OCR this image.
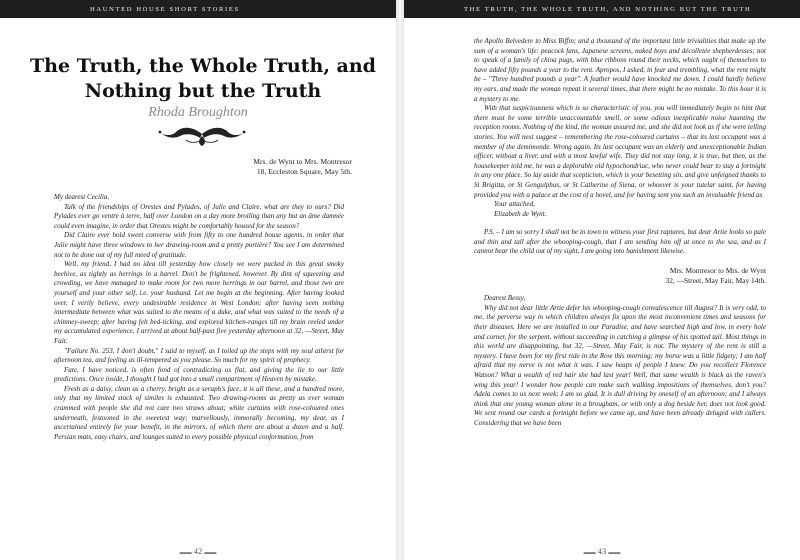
HAUNTED HOUSE SHORT STORIES
The Truth, the Whole Truth, and
Nothing but the Truth
Rhoda Broughton
Mrs. de Wynt to Mrs. Montresor
18, Eccleston Square, May 5th.

My dearest Cecilia,

Talk of the friendships of Orestes and Pylades, of Julie and Claire, what are they to ours? Did Pylades ever go ventre à terre, half over London on a day more broiling than any but an âme damnée could even imagine, in order that Orestes might be comfortably housed for the season?

Did Claire ever hold sweet converse with from fifty to one hundred house agents, in order that Julie might have three windows to her drawing-room and a pretty portière? You see I am determined not to be done out of my full meed of gratitude.

Well, my friend, I had no idea till yesterday how closely we were packed in this great smoky beehive, as tightly as herrings in a barrel. Don't be frightened, however. By dint of squeezing and crowding, we have managed to make room for two more herrings in our barrel, and those two are yourself and your other self, i.e. your husband. Let me begin at the beginning. After having looked over, I verily believe, every undesirable residence in West London; after having seen nothing intermediate between what was suited to the means of a duke, and what was suited to the needs of a chimney-sweep; after having felt bed-ticking, and explored kitchen-ranges till my brain reeled under my accumulated experience, I arrived at about half-past five yesterday afternoon at 32, —Street, May Fair.

"Failure No. 253, I don't doubt," I said to myself, as I toiled up the steps with my soul athirst for afternoon tea, and feeling as ill-tempered as you please. So much for my spirit of prophecy.

Fate, I have noticed, is often fond of contradicting us flat, and giving the lie to our little predictions. Once inside, I thought I had got into a small compartment of Heaven by mistake.

Fresh as a daisy, clean as a cherry, bright as a seraph's face, it is all these, and a hundred more, only that my limited stock of similes is exhausted. Two drawing-rooms as pretty as ever woman crammed with people she did not care two straws about; white curtains with rose-coloured ones underneath, festooned in the sweetest way; marvellously, immorally becoming, my dear, as I ascertained entirely for your benefit, in the mirrors, of which there are about a dozen and a half. Persian mats, easy chairs, and lounges suited to every possible physical conformation, from

▬▬ 42 ▬▬
THE TRUTH, THE WHOLE TRUTH, AND NOTHING BUT THE TRUTH

the Apollo Belvedere to Miss Biffin; and a thousand of the important little trivialities that make up the sum of a woman's life: peacock fans, Japanese screens, naked boys and décolletée shepherdesses; not to speak of a family of china pugs, with blue ribbons round their necks, which ought of themselves to have added fifty pounds a year to the rent. Apropos, I asked, in fear and trembling, what the rent might be – "Three hundred pounds a year". A feather would have knocked me down. I could hardly believe my ears, and made the woman repeat it several times, that there might be no mistake. To this hour it is a mystery to me.

With that suspiciousness which is so characteristic of you, you will immediately begin to hint that there must be some terrible unaccountable smell, or some odious inexplicable noise haunting the reception rooms. Nothing of the kind, the woman assured me, and she did not look as if she were telling stories. You will next suggest – remembering the rose-coloured curtains – that its last occupant was a member of the demimonde. Wrong again. Its last occupant was an elderly and unexceptionable Indian officer, without a liver, and with a most lawful wife. They did not stay long, it is true, but then, as the housekeeper told me, he was a deplorable old hypochondriac, who never could bear to stay a fortnight in any one place. So lay aside that scepticism, which is your besetting sin, and give unfeigned thanks to St Brigitta, or St Gengulphus, or St Catherine of Siena, or whoever is your tutelar saint, for having provided you with a palace at the cost of a hovel, and for having sent you such an invaluable friend as

Your attached,

Elizabeth de Wynt.

P.S. – I am so sorry I shall not be in town to witness your first raptures, but dear Artie looks so pale and thin and tall after the whooping-cough, that I am sending him off at once to the sea, and as I cannot bear the child out of my sight, I am going into banishment likewise.

Mrs. Montresor to Mrs. de Wynt
32, —Street, May Fair, May 14th.

Dearest Bessy,

Why did not dear little Artie defer his whooping-cough convalescence till August? It is very odd, to me, the perverse way in which children always fix upon the most inconvenient times and seasons for their diseases. Here we are installed in our Paradise, and have searched high and low, in every hole and corner, for the serpent, without succeeding in catching a glimpse of his spotted tail. Most things in this world are disappointing, but 32, —Street, May Fair, is not. The mystery of the rent is still a mystery. I have been for my first ride in the Row this morning; my horse was a little fidgety; I am half afraid that my nerve is not what it was. I saw heaps of people I knew. Do you recollect Florence Watson? What a wealth of red hair she had last year! Well, that same wealth is black as the raven's wing this year! I wonder how people can make such walking impositions of themselves, don't you? Adela comes to us next week; I am so glad. It is dull driving by oneself of an afternoon; and I always think that one young woman alone in a brougham, or with only a dog beside her, does not look good. We sent round our cards a fortnight before we came up, and have been already deluged with callers. Considering that we have been

▬▬ 43 ▬▬
